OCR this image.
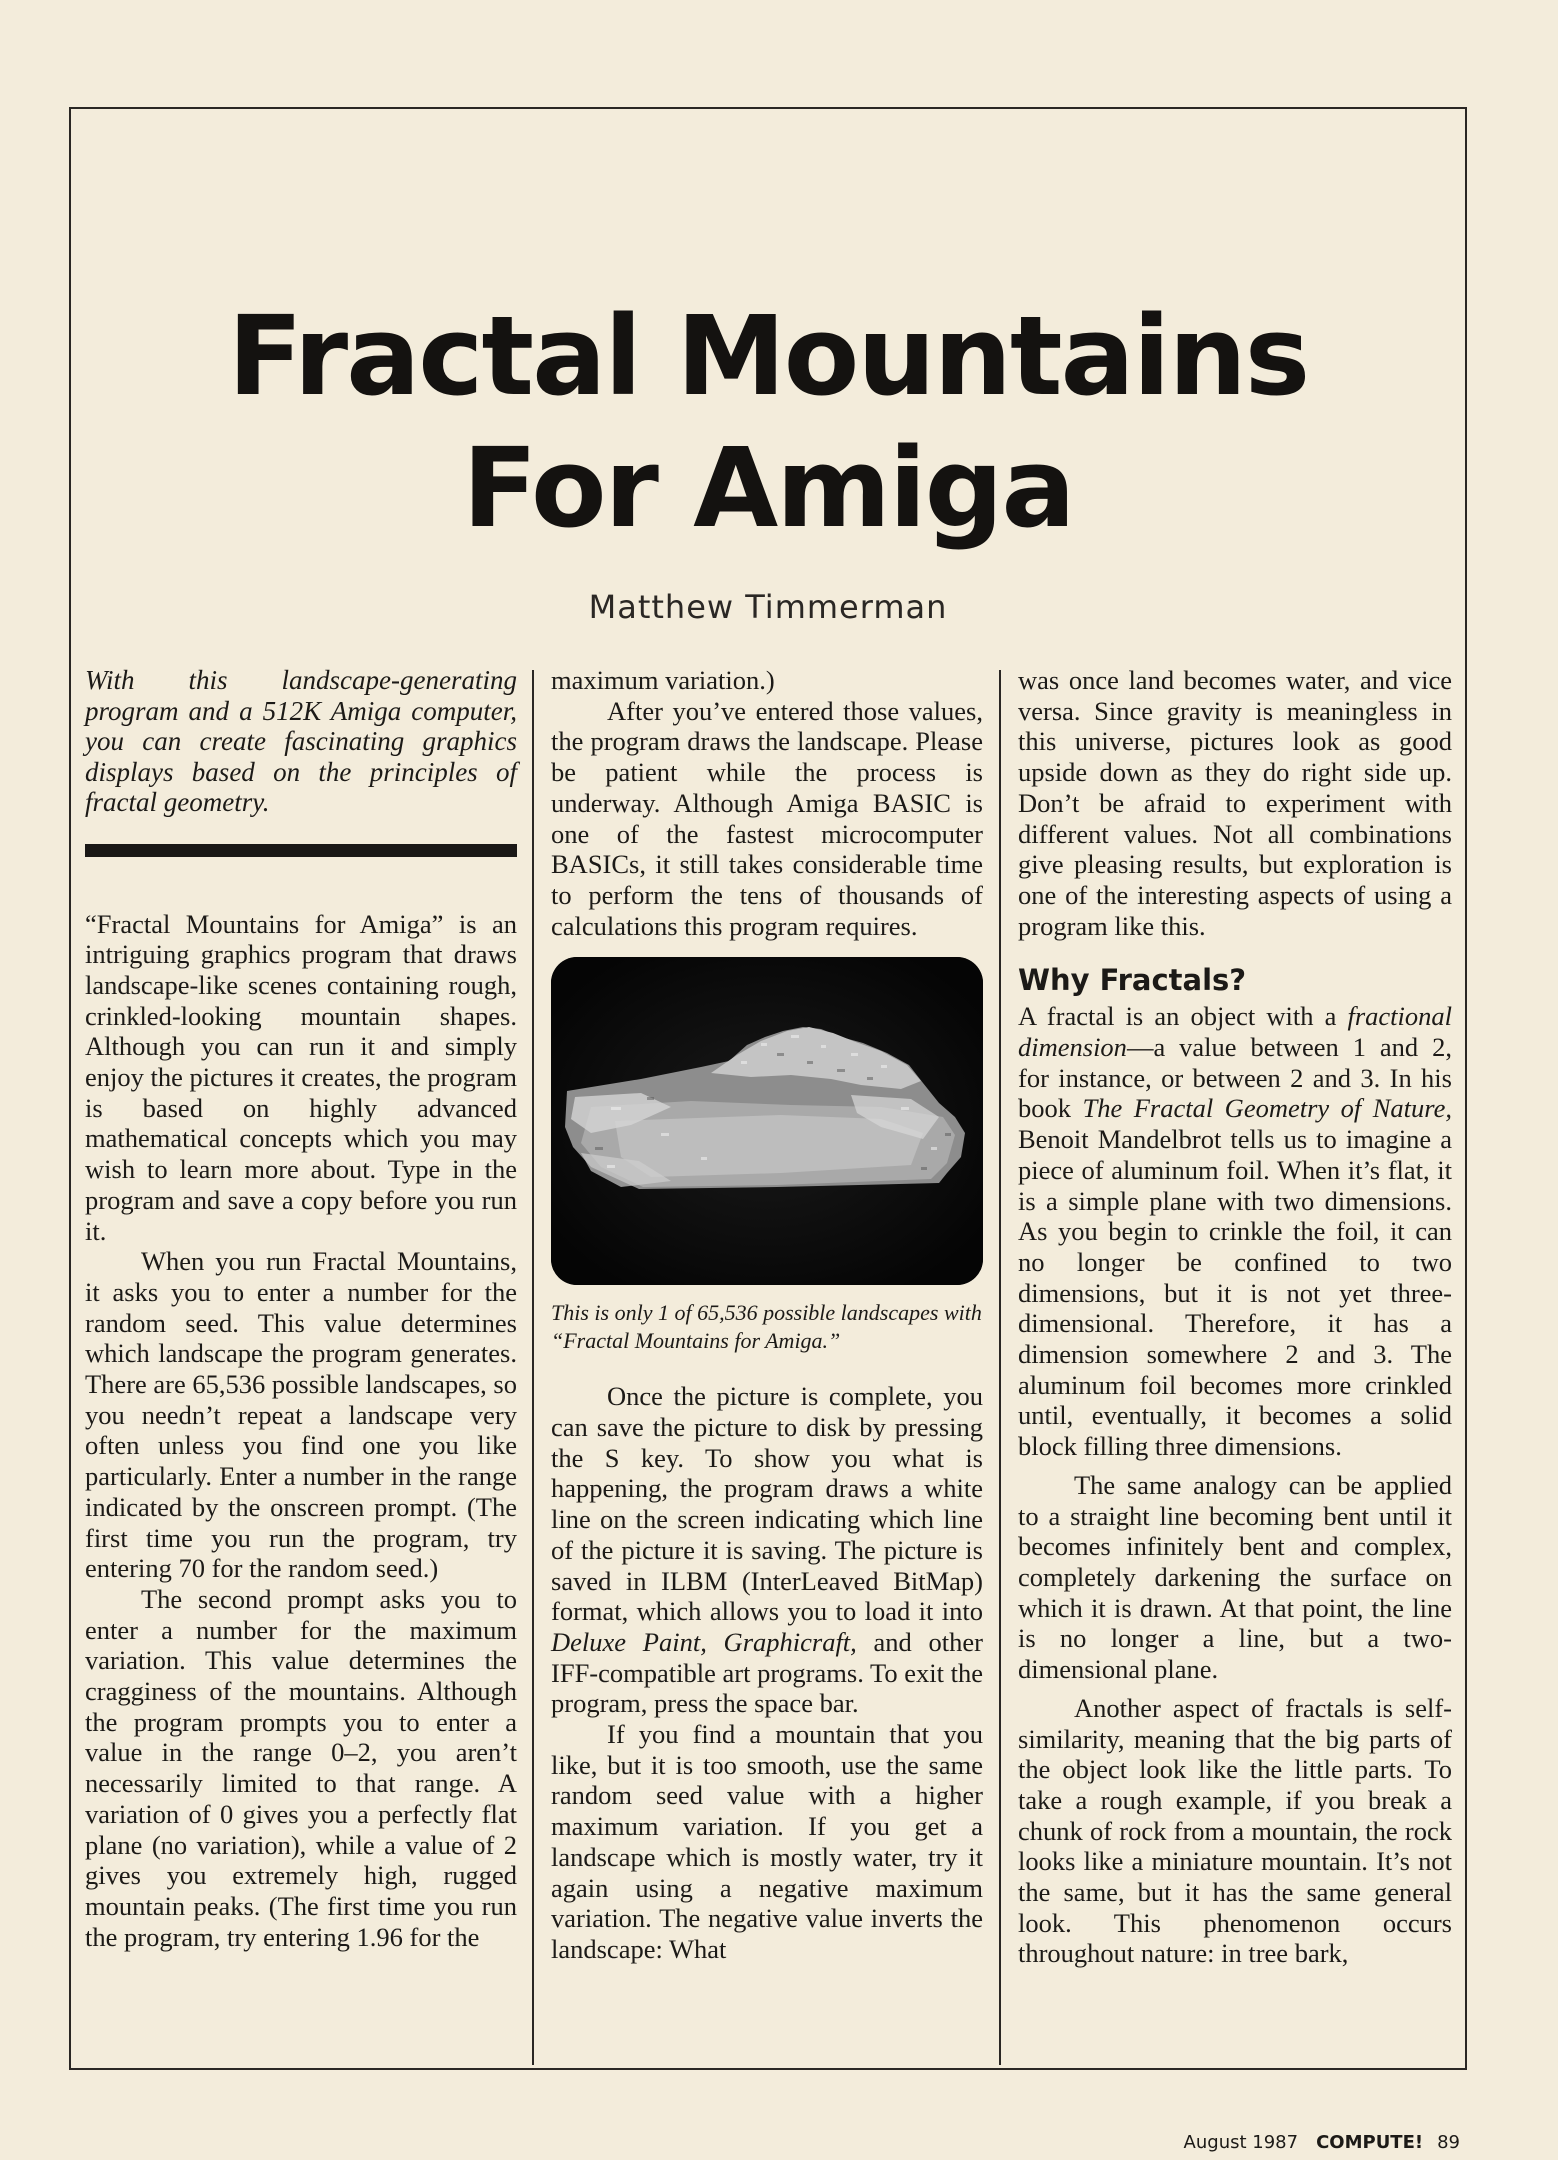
Fractal Mountains
For Amiga
Matthew Timmerman

With this landscape-generating program and a 512K Amiga computer, you can create fascinating graphics displays based on the principles of fractal geometry.

“Fractal Mountains for Amiga” is an intriguing graphics program that draws landscape-like scenes containing rough, crinkled-looking mountain shapes. Although you can run it and simply enjoy the pictures it creates, the program is based on highly advanced mathematical concepts which you may wish to learn more about. Type in the program and save a copy before you run it.

When you run Fractal Mountains, it asks you to enter a number for the random seed. This value determines which landscape the program generates. There are 65,536 possible landscapes, so you needn’t repeat a landscape very often unless you find one you like particularly. Enter a number in the range indicated by the onscreen prompt. (The first time you run the program, try entering 70 for the random seed.)

The second prompt asks you to enter a number for the maximum variation. This value determines the cragginess of the mountains. Although the program prompts you to enter a value in the range 0–2, you aren’t necessarily limited to that range. A variation of 0 gives you a perfectly flat plane (no variation), while a value of 2 gives you extremely high, rugged mountain peaks. (The first time you run the program, try entering 1.96 for the

maximum variation.)

After you’ve entered those values, the program draws the landscape. Please be patient while the process is underway. Although Amiga BASIC is one of the fastest microcomputer BASICs, it still takes considerable time to perform the tens of thousands of calculations this program requires.

This is only 1 of 65,536 possible landscapes with “Fractal Mountains for Amiga.”

Once the picture is complete, you can save the picture to disk by pressing the S key. To show you what is happening, the program draws a white line on the screen indicating which line of the picture it is saving. The picture is saved in ILBM (InterLeaved BitMap) format, which allows you to load it into Deluxe Paint, Graphicraft, and other IFF-compatible art programs. To exit the program, press the space bar.

If you find a mountain that you like, but it is too smooth, use the same random seed value with a higher maximum variation. If you get a landscape which is mostly water, try it again using a negative maximum variation. The negative value inverts the landscape: What

was once land becomes water, and vice versa. Since gravity is meaningless in this universe, pictures look as good upside down as they do right side up. Don’t be afraid to experiment with different values. Not all combinations give pleasing results, but exploration is one of the interesting aspects of using a program like this.

Why Fractals?

A fractal is an object with a fractional dimension—a value between 1 and 2, for instance, or between 2 and 3. In his book The Fractal Geometry of Nature, Benoit Mandelbrot tells us to imagine a piece of aluminum foil. When it’s flat, it is a simple plane with two dimensions. As you begin to crinkle the foil, it can no longer be confined to two dimensions, but it is not yet three-dimensional. Therefore, it has a dimension somewhere 2 and 3. The aluminum foil becomes more crinkled until, eventually, it becomes a solid block filling three dimensions.

The same analogy can be applied to a straight line becoming bent until it becomes infinitely bent and complex, completely darkening the surface on which it is drawn. At that point, the line is no longer a line, but a two-dimensional plane.

Another aspect of fractals is self-similarity, meaning that the big parts of the object look like the little parts. To take a rough example, if you break a chunk of rock from a mountain, the rock looks like a miniature mountain. It’s not the same, but it has the same general look. This phenomenon occurs throughout nature: in tree bark,

August 1987 COMPUTE! 89
